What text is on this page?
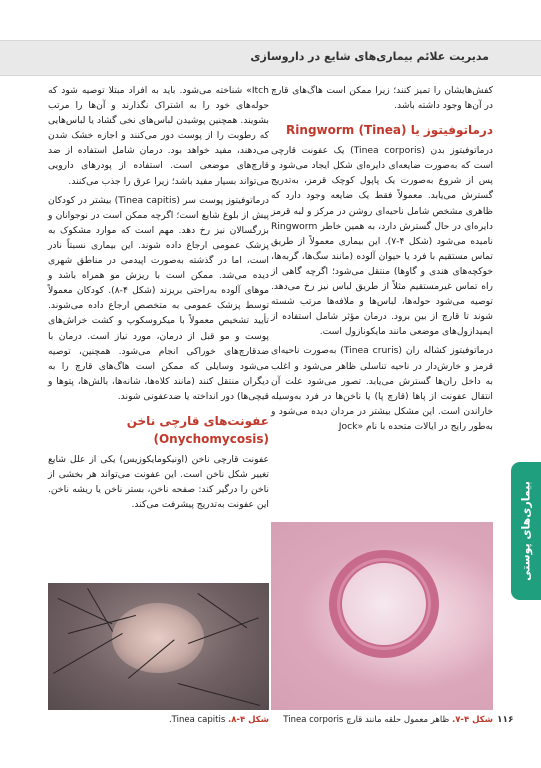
مدیریت علائم بیماری‌های شایع در داروسازی
بیماری‌های پوستی

کفش‌هایشان را تمیز کنند؛ زیرا ممکن است هاگ‌های قارچ در آن‌ها وجود داشته باشد.

درماتوفیتوز یا (Ringworm (Tinea

درماتوفیتوز بدن (Tinea corporis) یک عفونت قارچی است که به‌صورت ضایعه‌ای دایره‌ای شکل ایجاد می‌شود و پس از شروع به‌صورت یک پاپول کوچک قرمز، به‌تدریج گسترش می‌یابد. معمولاً فقط یک ضایعه وجود دارد که ظاهری مشخص شامل ناحیه‌ای روشن در مرکز و لبه قرمز دایره‌ای در حال گسترش دارد، به همین خاطر Ringworm نامیده می‌شود (شکل ۴-۷). این بیماری معمولاً از طریق تماس مستقیم با فرد یا حیوان آلوده (مانند سگ‌ها، گربه‌ها، خوکچه‌های هندی و گاوها) منتقل می‌شود؛ اگرچه گاهی از راه تماس غیرمستقیم مثلاً از طریق لباس نیز رخ می‌دهد. توصیه می‌شود حوله‌ها، لباس‌ها و ملافه‌ها مرتب شسته شوند تا قارچ از بین برود. درمان مؤثر شامل استفاده از ایمیدازول‌های موضعی مانند مایکونازول است.

درماتوفیتوز کشاله ران (Tinea cruris) به‌صورت ناحیه‌ای قرمز و خارش‌دار در ناحیه تناسلی ظاهر می‌شود و اغلب به داخل ران‌ها گسترش می‌یابد. تصور می‌شود علت آن انتقال عفونت از پاها (قارچ پا) یا ناخن‌ها در فرد به‌وسیله خاراندن است. این مشکل بیشتر در مردان دیده می‌شود و به‌طور رایج در ایالات متحده با نام «Jock

Itch» شناخته می‌شود. باید به افراد مبتلا توصیه شود که حوله‌های خود را به اشتراک نگذارند و آن‌ها را مرتب بشویند. همچنین پوشیدن لباس‌های نخی گشاد یا لباس‌هایی که رطوبت را از پوست دور می‌کنند و اجازه خشک شدن می‌دهند، مفید خواهد بود. درمان شامل استفاده از ضد قارچ‌های موضعی است. استفاده از پودرهای دارویی می‌تواند بسیار مفید باشد؛ زیرا عرق را جذب می‌کنند.

درماتوفیتوز پوست سر (Tinea capitis) بیشتر در کودکان پیش از بلوغ شایع است؛ اگرچه ممکن است در نوجوانان و بزرگسالان نیز رخ دهد. مهم است که موارد مشکوک به پزشک عمومی ارجاع داده شوند. این بیماری نسبتاً نادر است، اما در گذشته به‌صورت اپیدمی در مناطق شهری دیده می‌شد. ممکن است با ریزش مو همراه باشد و موهای آلوده به‌راحتی بریزند (شکل ۴-۸). کودکان معمولاً توسط پزشک عمومی به متخصص ارجاع داده می‌شوند. تأیید تشخیص معمولاً با میکروسکوپ و کشت خراش‌های پوست و مو قبل از درمان، مورد نیاز است. درمان با ضدقارچ‌های خوراکی انجام می‌شود. همچنین، توصیه می‌شود وسایلی که ممکن است هاگ‌های قارچ را به دیگران منتقل کنند (مانند کلاه‌ها، شانه‌ها، بالش‌ها، پتوها و قیچی‌ها) دور انداخته یا ضدعفونی شوند.

عفونت‌های قارچی ناخن (Onychomycosis)

عفونت قارچی ناخن (اونیکومایکوزیس) یکی از علل شایع تغییر شکل ناخن است. این عفونت می‌تواند هر بخشی از ناخن را درگیر کند: صفحه ناخن، بستر ناخن یا ریشه ناخن. این عفونت به‌تدریج پیشرفت می‌کند.

شکل ۴-۷. ظاهر معمول حلقه مانند قارچ Tinea corporis
شکل ۴-۸. Tinea capitis.	۱۱۶
